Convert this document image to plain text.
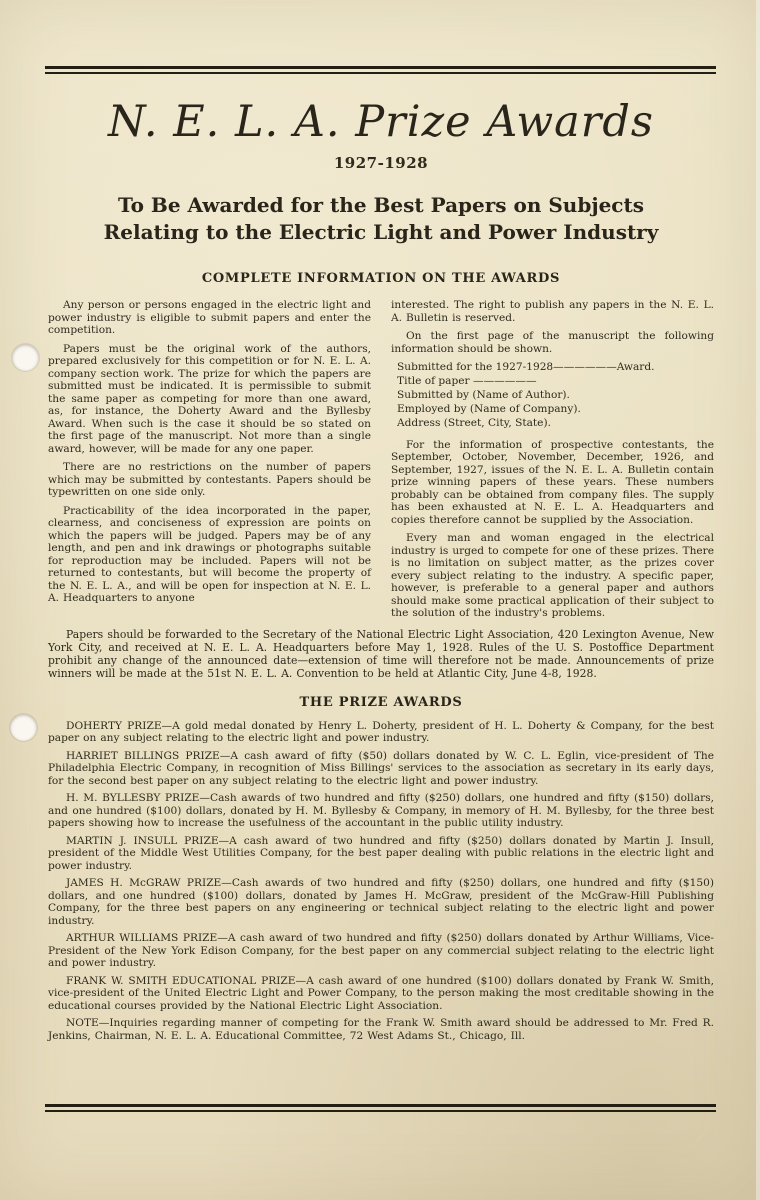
N. E. L. A. Prize Awards
1927-1928
To Be Awarded for the Best Papers on Subjects
Relating to the Electric Light and Power Industry
COMPLETE INFORMATION ON THE AWARDS

Any person or persons engaged in the electric light and power industry is eligible to submit papers and enter the competition.

Papers must be the original work of the authors, prepared exclusively for this competition or for N. E. L. A. company section work. The prize for which the papers are submitted must be indicated. It is permissible to submit the same paper as competing for more than one award, as, for instance, the Doherty Award and the Byllesby Award. When such is the case it should be so stated on the first page of the manuscript. Not more than a single award, however, will be made for any one paper.

There are no restrictions on the number of papers which may be submitted by contestants. Papers should be typewritten on one side only.

Practicability of the idea incorporated in the paper, clearness, and conciseness of expression are points on which the papers will be judged. Papers may be of any length, and pen and ink drawings or photographs suitable for reproduction may be included. Papers will not be returned to contestants, but will become the property of the N. E. L. A., and will be open for inspection at N. E. L. A. Headquarters to anyone

interested. The right to publish any papers in the N. E. L. A. Bulletin is reserved.

On the first page of the manuscript the following information should be shown.

Submitted for the 1927-1928——————Award.
Title of paper ——————
Submitted by (Name of Author).
Employed by (Name of Company).
Address (Street, City, State).

For the information of prospective contestants, the September, October, November, December, 1926, and September, 1927, issues of the N. E. L. A. Bulletin contain prize winning papers of these years. These numbers probably can be obtained from company files. The supply has been exhausted at N. E. L. A. Headquarters and copies therefore cannot be supplied by the Association.

Every man and woman engaged in the electrical industry is urged to compete for one of these prizes. There is no limitation on subject matter, as the prizes cover every subject relating to the industry. A specific paper, however, is preferable to a general paper and authors should make some practical application of their subject to the solution of the industry's problems.

Papers should be forwarded to the Secretary of the National Electric Light Association, 420 Lexington Avenue, New York City, and received at N. E. L. A. Headquarters before May 1, 1928. Rules of the U. S. Postoffice Department prohibit any change of the announced date—extension of time will therefore not be made. Announcements of prize winners will be made at the 51st N. E. L. A. Convention to be held at Atlantic City, June 4-8, 1928.

THE PRIZE AWARDS

DOHERTY PRIZE—A gold medal donated by Henry L. Doherty, president of H. L. Doherty & Company, for the best paper on any subject relating to the electric light and power industry.

HARRIET BILLINGS PRIZE—A cash award of fifty ($50) dollars donated by W. C. L. Eglin, vice-president of The Philadelphia Electric Company, in recognition of Miss Billings' services to the association as secretary in its early days, for the second best paper on any subject relating to the electric light and power industry.

H. M. BYLLESBY PRIZE—Cash awards of two hundred and fifty ($250) dollars, one hundred and fifty ($150) dollars, and one hundred ($100) dollars, donated by H. M. Byllesby & Company, in memory of H. M. Byllesby, for the three best papers showing how to increase the usefulness of the accountant in the public utility industry.

MARTIN J. INSULL PRIZE—A cash award of two hundred and fifty ($250) dollars donated by Martin J. Insull, president of the Middle West Utilities Company, for the best paper dealing with public relations in the electric light and power industry.

JAMES H. McGRAW PRIZE—Cash awards of two hundred and fifty ($250) dollars, one hundred and fifty ($150) dollars, and one hundred ($100) dollars, donated by James H. McGraw, president of the McGraw-Hill Publishing Company, for the three best papers on any engineering or technical subject relating to the electric light and power industry.

ARTHUR WILLIAMS PRIZE—A cash award of two hundred and fifty ($250) dollars donated by Arthur Williams, Vice-President of the New York Edison Company, for the best paper on any commercial subject relating to the electric light and power industry.

FRANK W. SMITH EDUCATIONAL PRIZE—A cash award of one hundred ($100) dollars donated by Frank W. Smith, vice-president of the United Electric Light and Power Company, to the person making the most creditable showing in the educational courses provided by the National Electric Light Association.

NOTE—Inquiries regarding manner of competing for the Frank W. Smith award should be addressed to Mr. Fred R. Jenkins, Chairman, N. E. L. A. Educational Committee, 72 West Adams St., Chicago, Ill.
